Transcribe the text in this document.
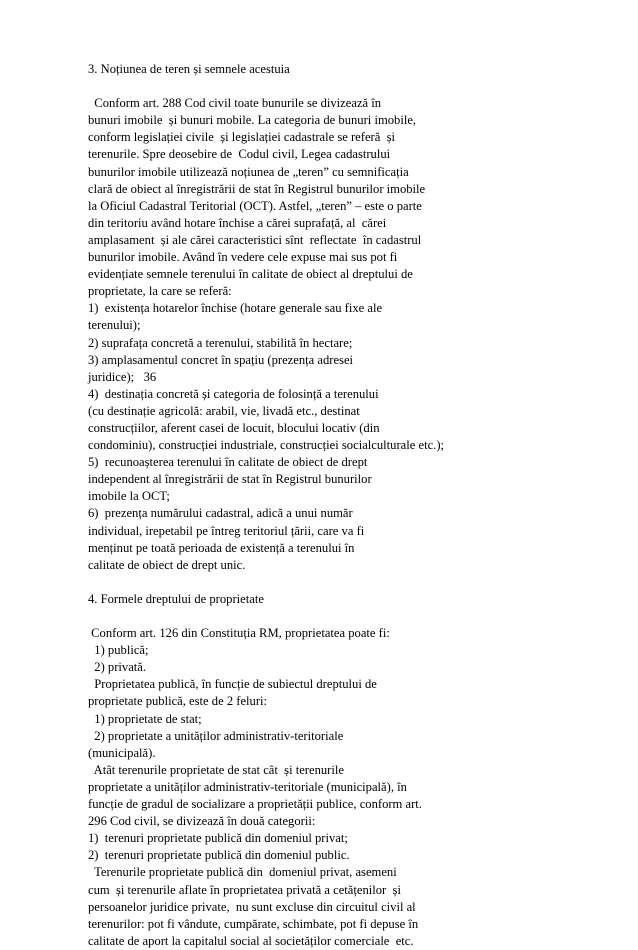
3. Noțiunea de teren și semnele acestuia
Conform art. 288 Cod civil toate bunurile se divizează în
bunuri imobile  și bunuri mobile. La categoria de bunuri imobile,
conform legislației civile  și legislației cadastrale se referă  și
terenurile. Spre deosebire de  Codul civil, Legea cadastrului
bunurilor imobile utilizează noțiunea de „teren” cu semnificația
clară de obiect al înregistrării de stat în Registrul bunurilor imobile
la Oficiul Cadastral Teritorial (OCT). Astfel, „teren” – este o parte
din teritoriu având hotare închise a cărei suprafață, al  cărei
amplasament  și ale cărei caracteristici sînt  reflectate  în cadastrul
bunurilor imobile. Având în vedere cele expuse mai sus pot fi
evidențiate semnele terenului în calitate de obiect al dreptului de
proprietate, la care se referă:
1)  existența hotarelor închise (hotare generale sau fixe ale
terenului);
2) suprafața concretă a terenului, stabilită în hectare;
3) amplasamentul concret în spațiu (prezența adresei
juridice);   36
4)  destinația concretă și categoria de folosință a terenului
(cu destinație agricolă: arabil, vie, livadă etc., destinat
construcțiilor, aferent casei de locuit, blocului locativ (din
condominiu), construcției industriale, construcției socialculturale etc.);
5)  recunoașterea terenului în calitate de obiect de drept
independent al înregistrării de stat în Registrul bunurilor
imobile la OCT;
6)  prezența numărului cadastral, adică a unui număr
individual, irepetabil pe întreg teritoriul țării, care va fi
menținut pe toată perioada de existență a terenului în
calitate de obiect de drept unic.
4. Formele dreptului de proprietate
Conform art. 126 din Constituția RM, proprietatea poate fi:
1) publică;
2) privată.
Proprietatea publică, în funcție de subiectul dreptului de
proprietate publică, este de 2 feluri:
1) proprietate de stat;
2) proprietate a unităților administrativ-teritoriale
(municipală).
Atât terenurile proprietate de stat cât  și terenurile
proprietate a unităților administrativ-teritoriale (municipală), în
funcție de gradul de socializare a proprietății publice, conform art.
296 Cod civil, se divizează în două categorii:
1)  terenuri proprietate publică din domeniul privat;
2)  terenuri proprietate publică din domeniul public.
Terenurile proprietate publică din  domeniul privat, asemeni
cum  și terenurile aflate în proprietatea privată a cetățenilor  și
persoanelor juridice private,  nu sunt excluse din circuitul civil al
terenurilor: pot fi vândute, cumpărate, schimbate, pot fi depuse în
calitate de aport la capitalul social al societăților comerciale  etc.
